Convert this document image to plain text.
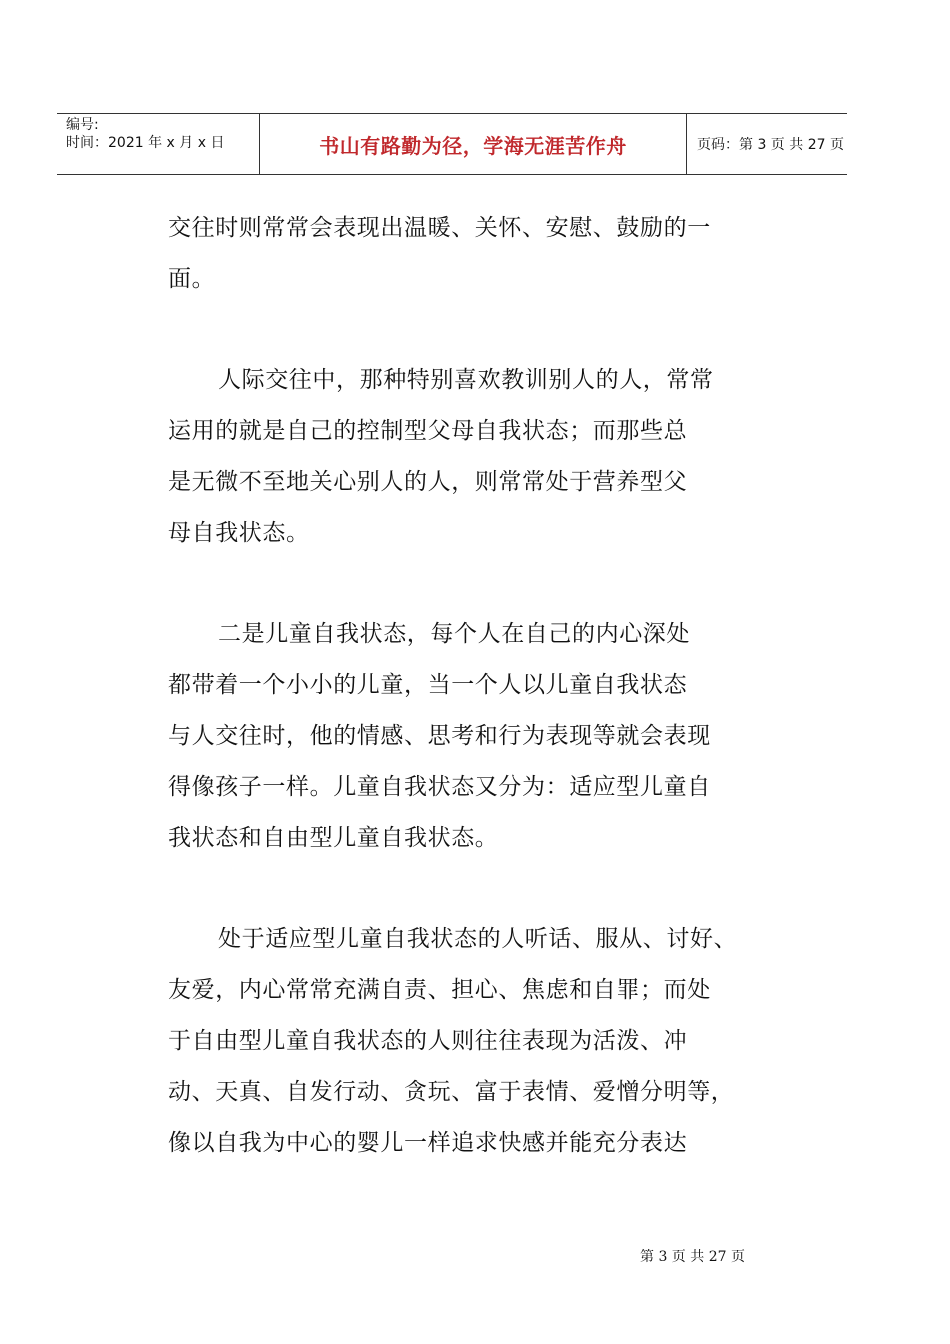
编号:
时间：2021 年 x 月 x 日	书山有路勤为径，学海无涯苦作舟	页码：第 3 页 共 27 页
交往时则常常会表现出温暖、关怀、安慰、鼓励的一
面。
人际交往中，那种特别喜欢教训别人的人，常常
运用的就是自己的控制型父母自我状态；而那些总
是无微不至地关心别人的人，则常常处于营养型父
母自我状态。
二是儿童自我状态，每个人在自己的内心深处
都带着一个小小的儿童，当一个人以儿童自我状态
与人交往时，他的情感、思考和行为表现等就会表现
得像孩子一样。儿童自我状态又分为：适应型儿童自
我状态和自由型儿童自我状态。
处于适应型儿童自我状态的人听话、服从、讨好、
友爱，内心常常充满自责、担心、焦虑和自罪；而处
于自由型儿童自我状态的人则往往表现为活泼、冲
动、天真、自发行动、贪玩、富于表情、爱憎分明等，
像以自我为中心的婴儿一样追求快感并能充分表达
第 3 页 共 27 页
